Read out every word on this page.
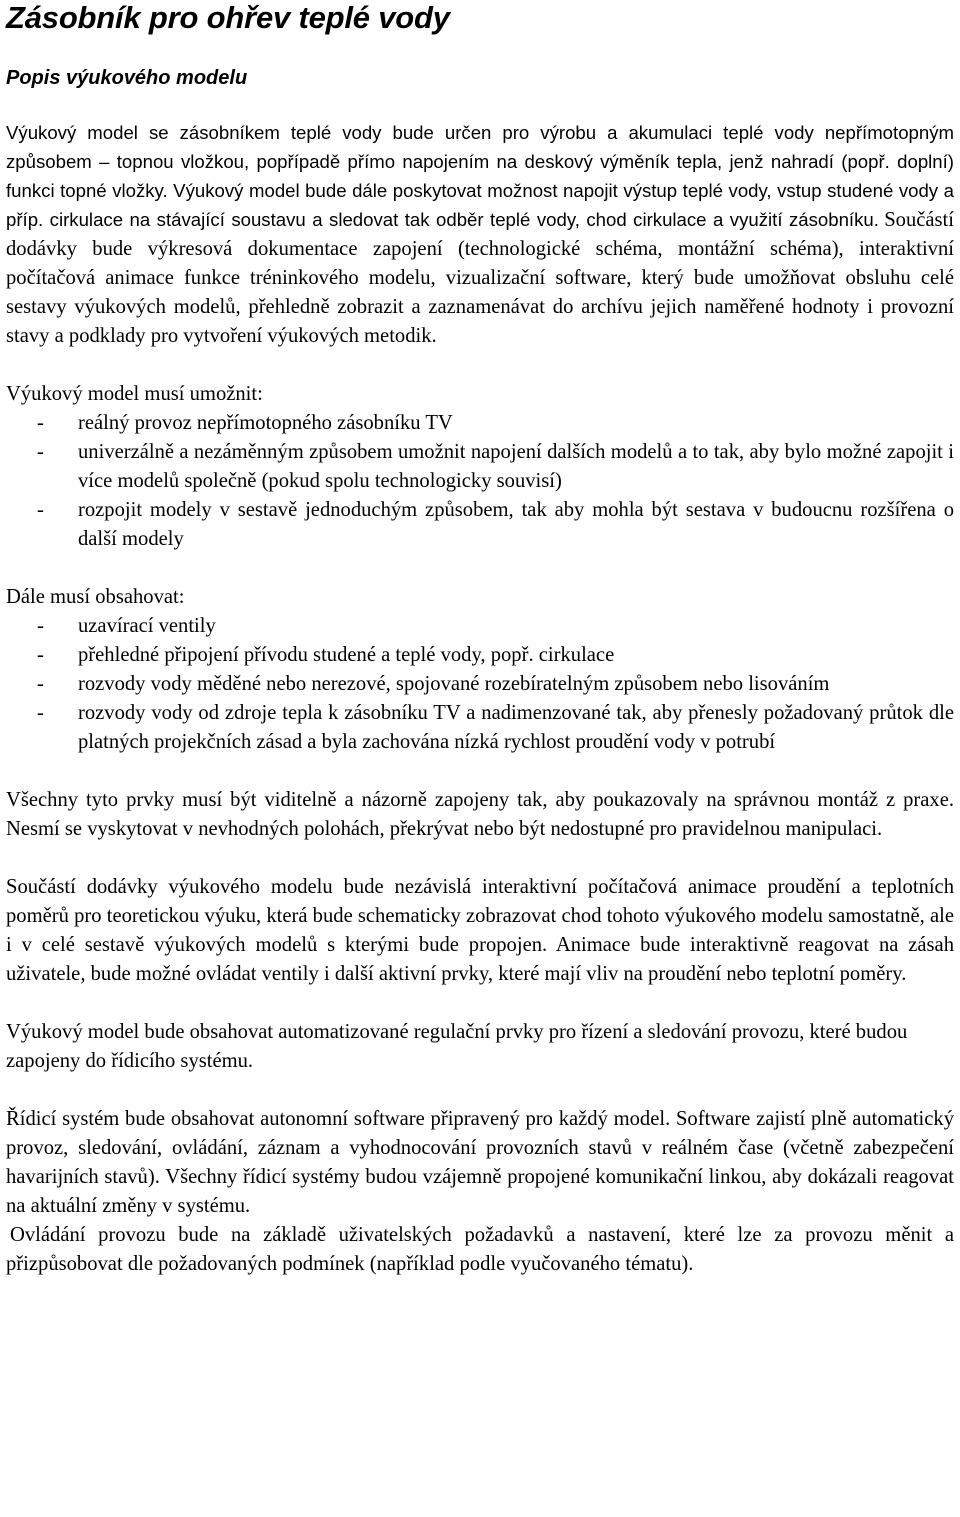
Zásobník pro ohřev teplé vody
Popis výukového modelu

Výukový model se zásobníkem teplé vody bude určen pro výrobu a akumulaci teplé vody nepřímotopným způsobem – topnou vložkou, popřípadě přímo napojením na deskový výměník tepla, jenž nahradí (popř. doplní) funkci topné vložky. Výukový model bude dále poskytovat možnost napojit výstup teplé vody, vstup studené vody a příp. cirkulace na stávající soustavu a sledovat tak odběr teplé vody, chod cirkulace a využití zásobníku. Součástí dodávky bude výkresová dokumentace zapojení (technologické schéma, montážní schéma), interaktivní počítačová animace funkce tréninkového modelu, vizualizační software, který bude umožňovat obsluhu celé sestavy výukových modelů, přehledně zobrazit a zaznamenávat do archívu jejich naměřené hodnoty i provozní stavy a podklady pro vytvoření výukových metodik.

Výukový model musí umožnit:

- reálný provoz nepřímotopného zásobníku TV
- univerzálně a nezáměnným způsobem umožnit napojení dalších modelů a to tak, aby bylo možné zapojit i více modelů společně (pokud spolu technologicky souvisí)
- rozpojit modely v sestavě jednoduchým způsobem, tak aby mohla být sestava v budoucnu rozšířena o další modely

Dále musí obsahovat:

- uzavírací ventily
- přehledné připojení přívodu studené a teplé vody, popř. cirkulace
- rozvody vody měděné nebo nerezové, spojované rozebíratelným způsobem nebo lisováním
- rozvody vody od zdroje tepla k zásobníku TV a nadimenzované tak, aby přenesly požadovaný průtok dle platných projekčních zásad a byla zachována nízká rychlost proudění vody v potrubí

Všechny tyto prvky musí být viditelně a názorně zapojeny tak, aby poukazovaly na správnou montáž z praxe. Nesmí se vyskytovat v nevhodných polohách, překrývat nebo být nedostupné pro pravidelnou manipulaci.

Součástí dodávky výukového modelu bude nezávislá interaktivní počítačová animace proudění a teplotních poměrů pro teoretickou výuku, která bude schematicky zobrazovat chod tohoto výukového modelu samostatně, ale i v celé sestavě výukových modelů s kterými bude propojen. Animace bude interaktivně reagovat na zásah uživatele, bude možné ovládat ventily i další aktivní prvky, které mají vliv na proudění nebo teplotní poměry.

Výukový model bude obsahovat automatizované regulační prvky pro řízení a sledování provozu, které budou zapojeny do řídicího systému.

Řídicí systém bude obsahovat autonomní software připravený pro každý model. Software zajistí plně automatický provoz, sledování, ovládání, záznam a vyhodnocování provozních stavů v reálném čase (včetně zabezpečení havarijních stavů). Všechny řídicí systémy budou vzájemně propojené komunikační linkou, aby dokázali reagovat na aktuální změny v systému.

Ovládání provozu bude na základě uživatelských požadavků a nastavení, které lze za provozu měnit a přizpůsobovat dle požadovaných podmínek (například podle vyučovaného tématu).
